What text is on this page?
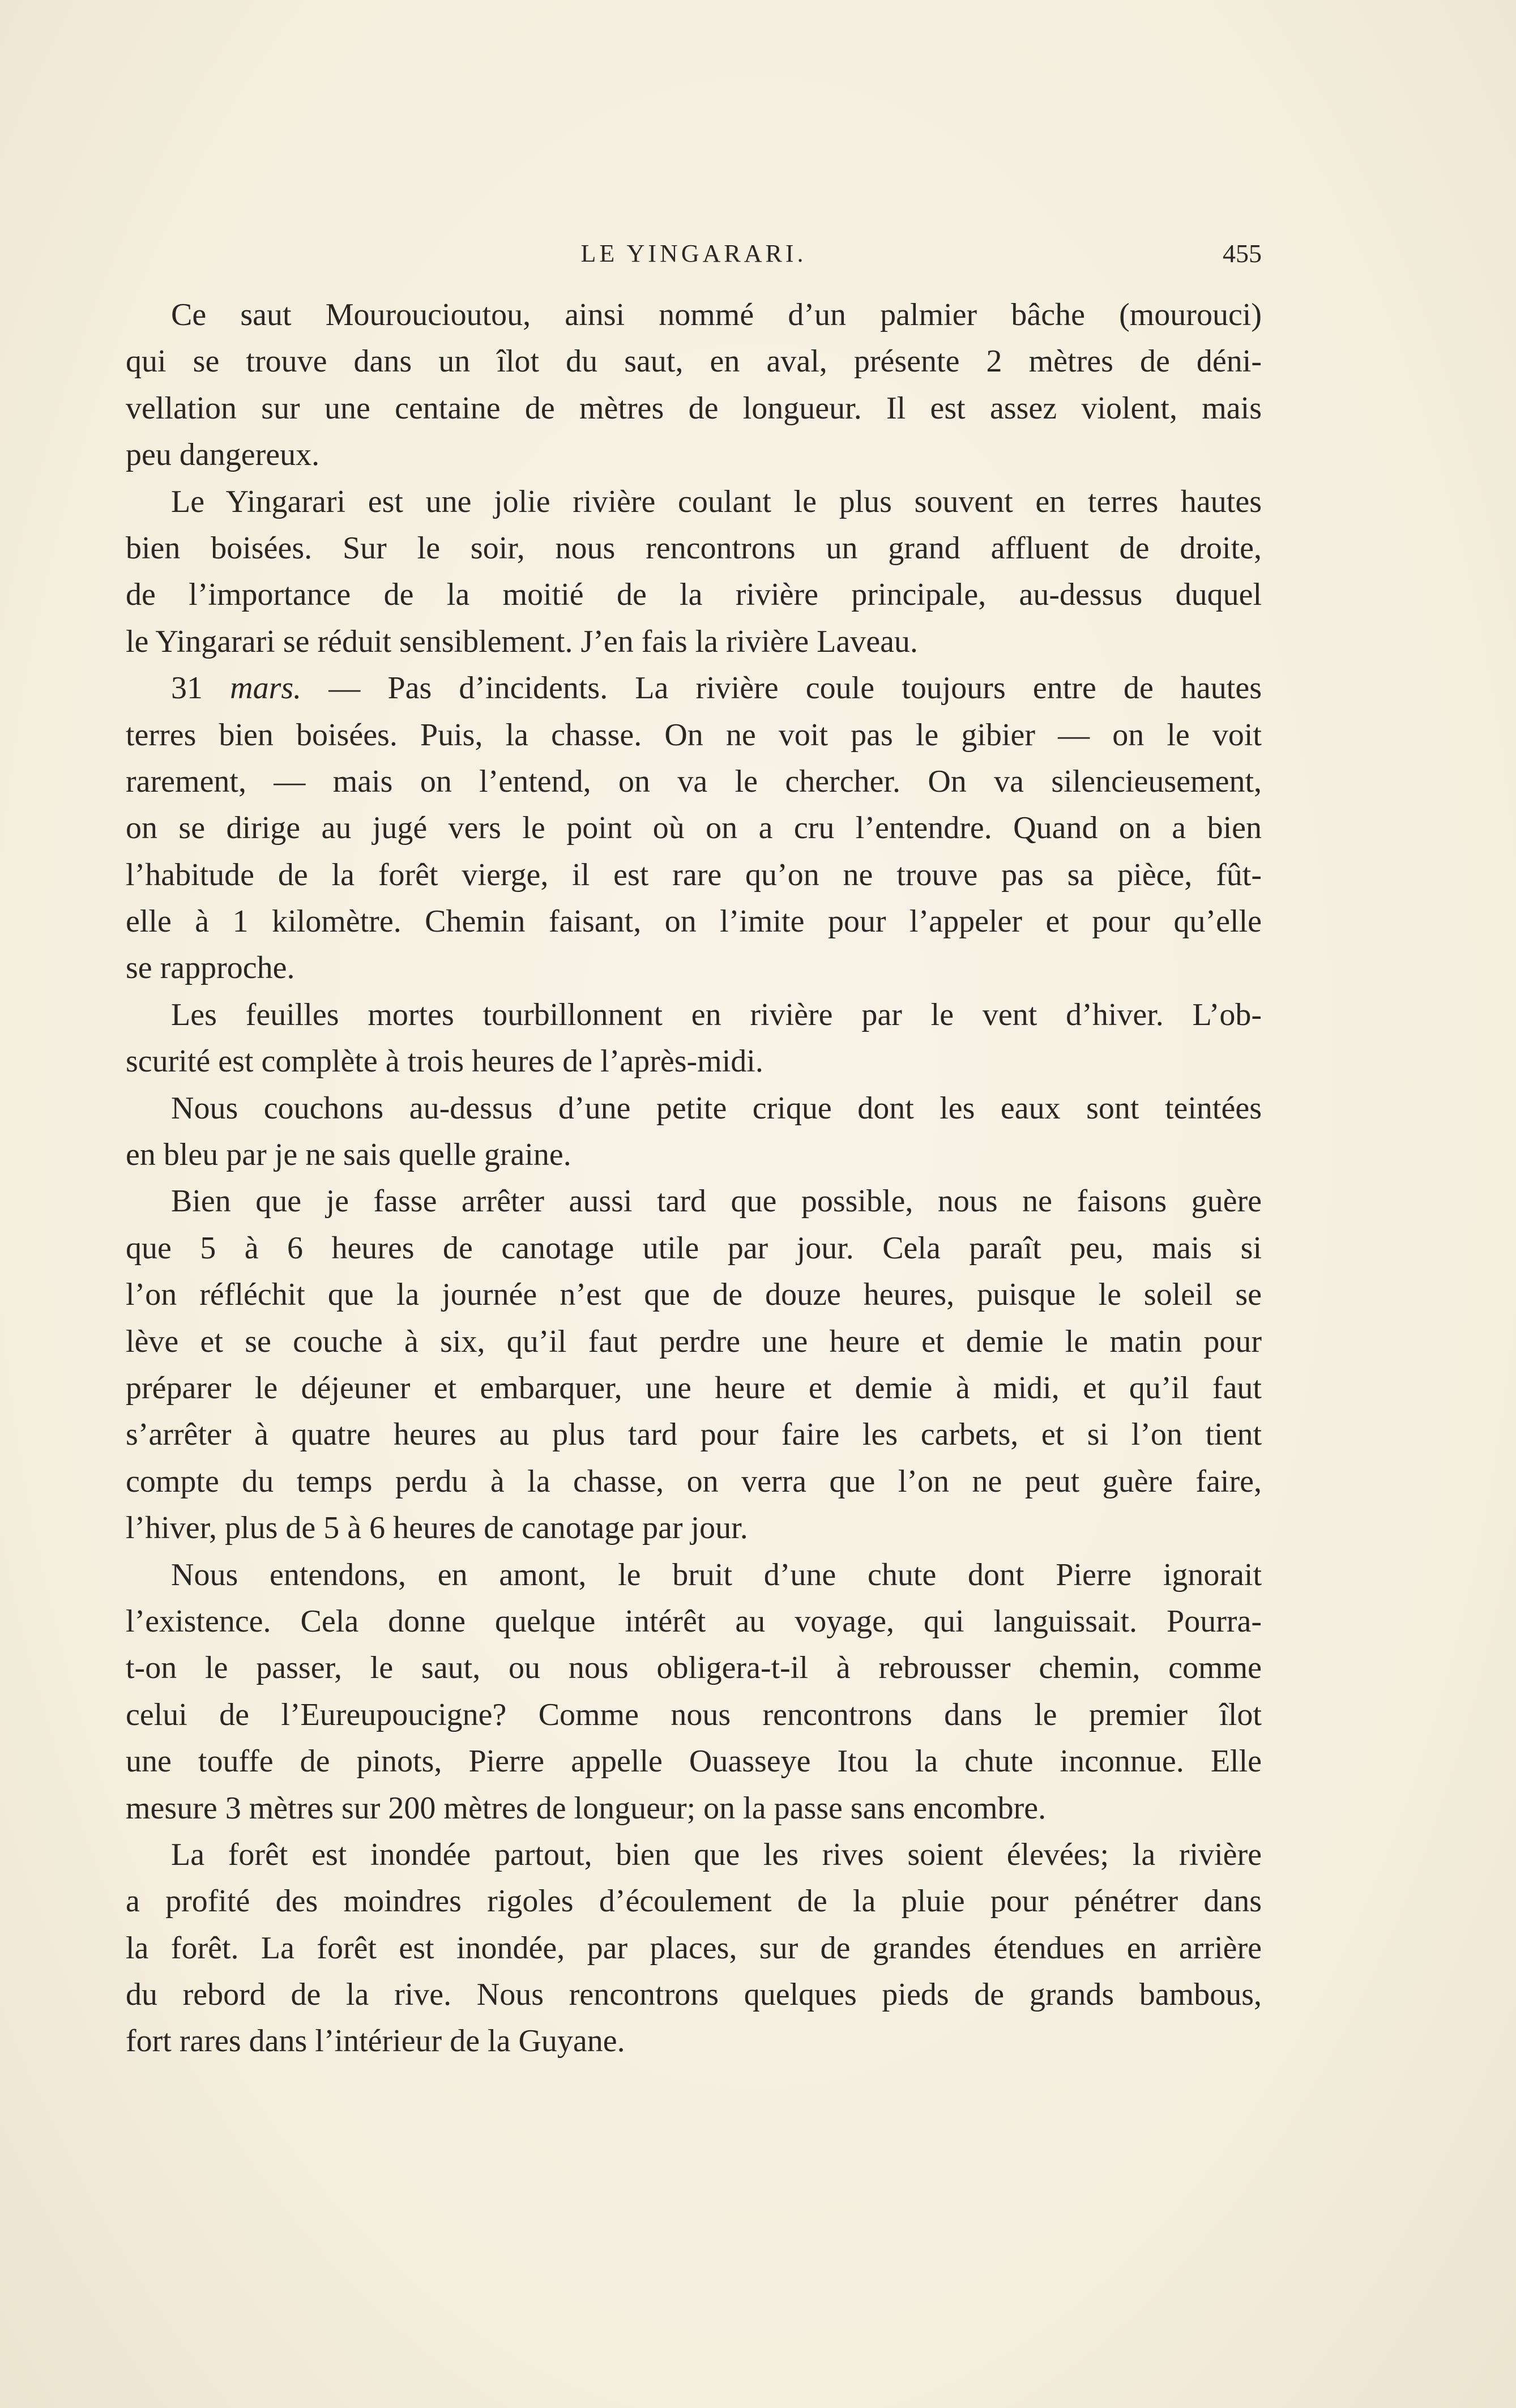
LE YINGARARI.	455
Ce saut Mouroucioutou, ainsi nommé d’un palmier bâche (mourouci)
qui se trouve dans un îlot du saut, en aval, présente 2 mètres de déni-
vellation sur une centaine de mètres de longueur. Il est assez violent, mais
peu dangereux.
Le Yingarari est une jolie rivière coulant le plus souvent en terres hautes
bien boisées. Sur le soir, nous rencontrons un grand affluent de droite,
de l’importance de la moitié de la rivière principale, au-dessus duquel
le Yingarari se réduit sensiblement. J’en fais la rivière Laveau.
31 mars. — Pas d’incidents. La rivière coule toujours entre de hautes
terres bien boisées. Puis, la chasse. On ne voit pas le gibier — on le voit
rarement, — mais on l’entend, on va le chercher. On va silencieusement,
on se dirige au jugé vers le point où on a cru l’entendre. Quand on a bien
l’habitude de la forêt vierge, il est rare qu’on ne trouve pas sa pièce, fût-
elle à 1 kilomètre. Chemin faisant, on l’imite pour l’appeler et pour qu’elle
se rapproche.
Les feuilles mortes tourbillonnent en rivière par le vent d’hiver. L’ob-
scurité est complète à trois heures de l’après-midi.
Nous couchons au-dessus d’une petite crique dont les eaux sont teintées
en bleu par je ne sais quelle graine.
Bien que je fasse arrêter aussi tard que possible, nous ne faisons guère
que 5 à 6 heures de canotage utile par jour. Cela paraît peu, mais si
l’on réfléchit que la journée n’est que de douze heures, puisque le soleil se
lève et se couche à six, qu’il faut perdre une heure et demie le matin pour
préparer le déjeuner et embarquer, une heure et demie à midi, et qu’il faut
s’arrêter à quatre heures au plus tard pour faire les carbets, et si l’on tient
compte du temps perdu à la chasse, on verra que l’on ne peut guère faire,
l’hiver, plus de 5 à 6 heures de canotage par jour.
Nous entendons, en amont, le bruit d’une chute dont Pierre ignorait
l’existence. Cela donne quelque intérêt au voyage, qui languissait. Pourra-
t-on le passer, le saut, ou nous obligera-t-il à rebrousser chemin, comme
celui de l’Eureupoucigne? Comme nous rencontrons dans le premier îlot
une touffe de pinots, Pierre appelle Ouasseye Itou la chute inconnue. Elle
mesure 3 mètres sur 200 mètres de longueur; on la passe sans encombre.
La forêt est inondée partout, bien que les rives soient élevées; la rivière
a profité des moindres rigoles d’écoulement de la pluie pour pénétrer dans
la forêt. La forêt est inondée, par places, sur de grandes étendues en arrière
du rebord de la rive. Nous rencontrons quelques pieds de grands bambous,
fort rares dans l’intérieur de la Guyane.
